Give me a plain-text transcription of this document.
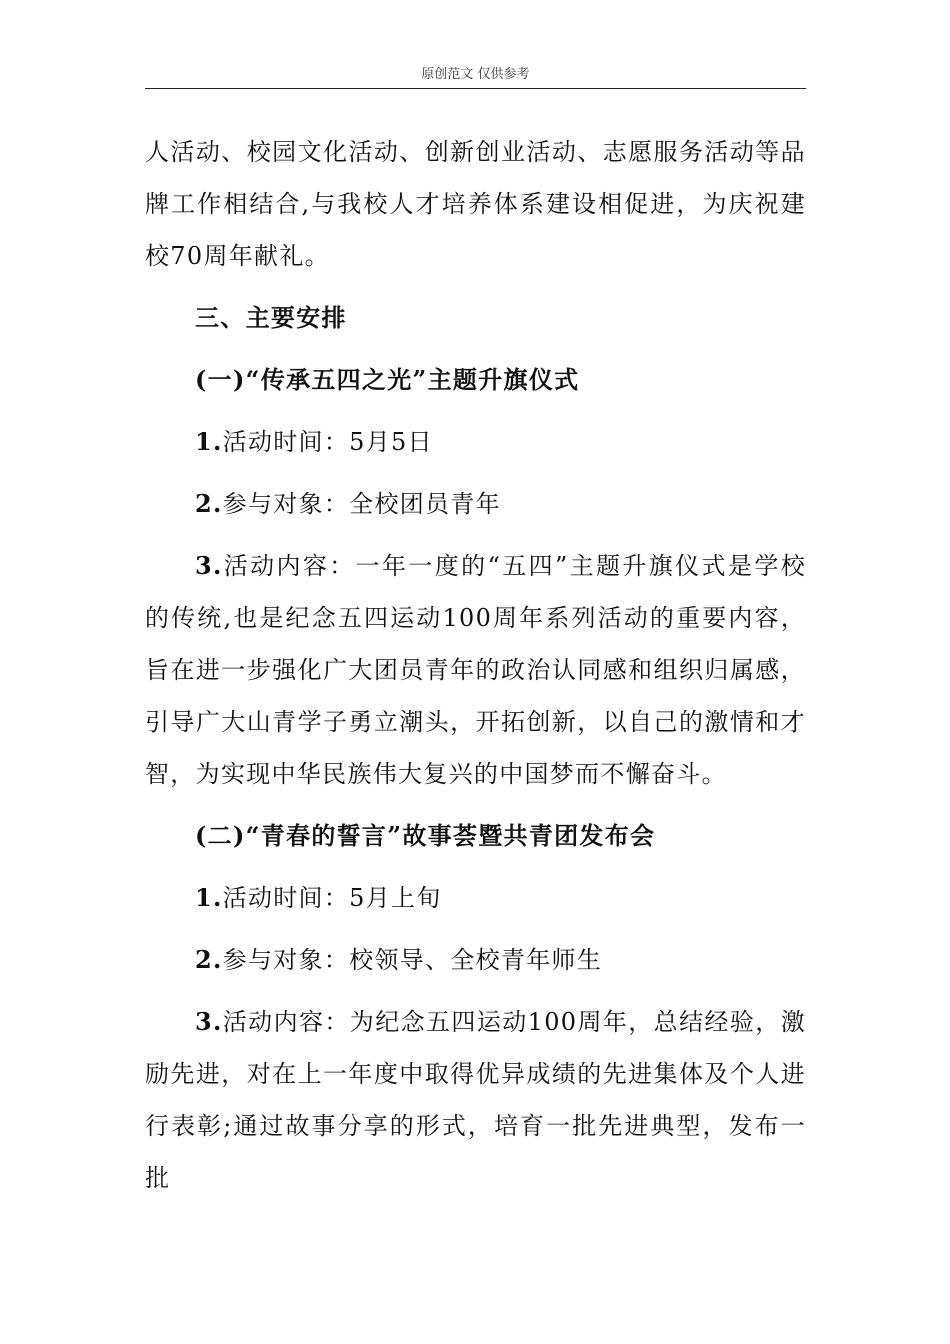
原创范文 仅供参考

人活动、校园文化活动、创新创业活动、志愿服务活动等品牌工作相结合,与我校人才培养体系建设相促进，为庆祝建校70周年献礼。

三、主要安排

(一)“传承五四之光”主题升旗仪式

1.活动时间：5月5日

2.参与对象：全校团员青年

3.活动内容：一年一度的“五四”主题升旗仪式是学校的传统,也是纪念五四运动100周年系列活动的重要内容，旨在进一步强化广大团员青年的政治认同感和组织归属感，引导广大山青学子勇立潮头，开拓创新，以自己的激情和才智，为实现中华民族伟大复兴的中国梦而不懈奋斗。

(二)“青春的誓言”故事荟暨共青团发布会

1.活动时间：5月上旬

2.参与对象：校领导、全校青年师生

3.活动内容：为纪念五四运动100周年，总结经验，激励先进，对在上一年度中取得优异成绩的先进集体及个人进行表彰;通过故事分享的形式，培育一批先进典型，发布一批
